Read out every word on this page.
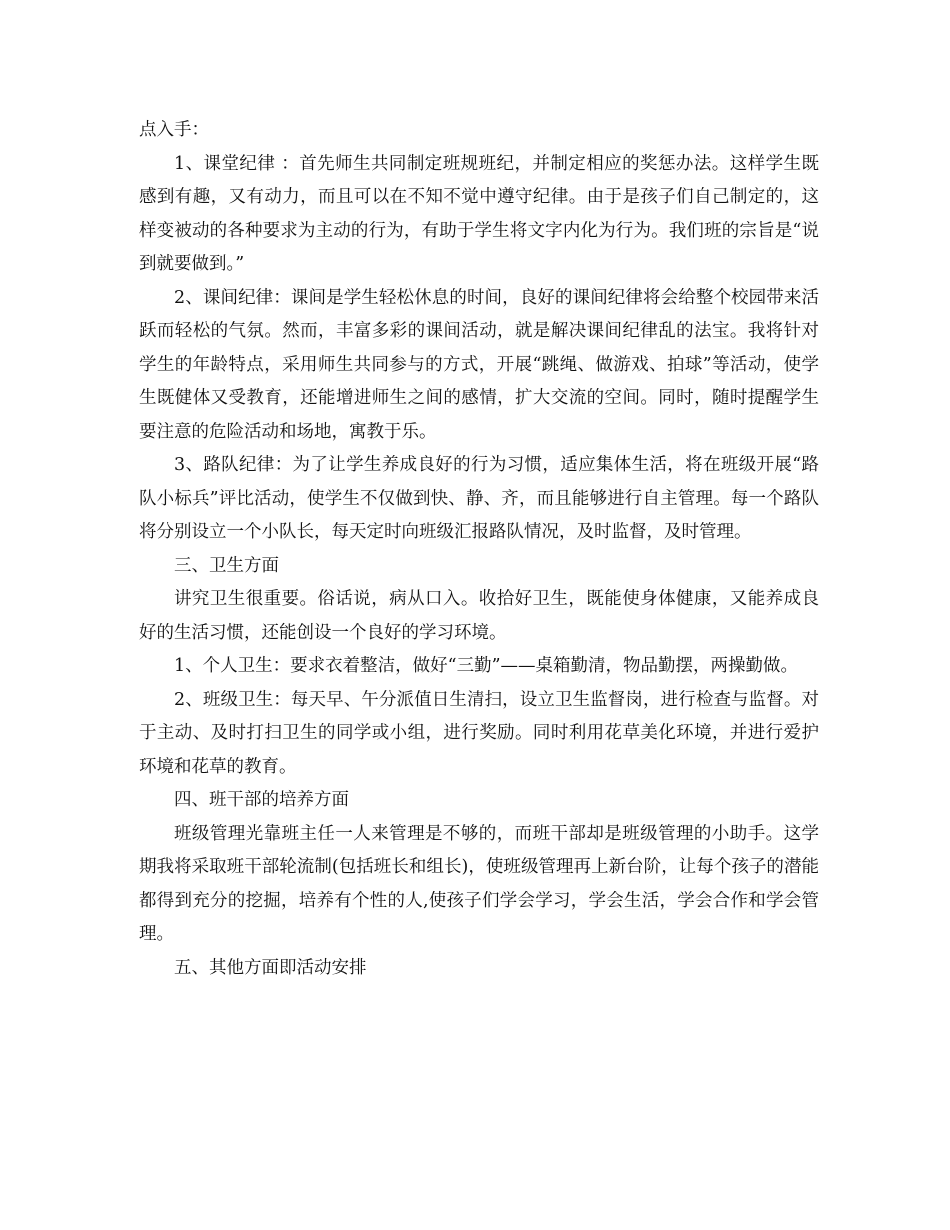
点入手：

1、课堂纪律 ：首先师生共同制定班规班纪，并制定相应的奖惩办法。这样学生既感到有趣，又有动力，而且可以在不知不觉中遵守纪律。由于是孩子们自己制定的，这样变被动的各种要求为主动的行为，有助于学生将文字内化为行为。我们班的宗旨是“说到就要做到。”

2、课间纪律：课间是学生轻松休息的时间，良好的课间纪律将会给整个校园带来活跃而轻松的气氛。然而，丰富多彩的课间活动，就是解决课间纪律乱的法宝。我将针对学生的年龄特点，采用师生共同参与的方式，开展“跳绳、做游戏、拍球”等活动，使学生既健体又受教育，还能增进师生之间的感情，扩大交流的空间。同时，随时提醒学生要注意的危险活动和场地，寓教于乐。

3、路队纪律：为了让学生养成良好的行为习惯，适应集体生活，将在班级开展“路队小标兵”评比活动，使学生不仅做到快、静、齐，而且能够进行自主管理。每一个路队将分别设立一个小队长，每天定时向班级汇报路队情况，及时监督，及时管理。

三、卫生方面

讲究卫生很重要。俗话说，病从口入。收拾好卫生，既能使身体健康，又能养成良好的生活习惯，还能创设一个良好的学习环境。

1、个人卫生：要求衣着整洁，做好“三勤”——桌箱勤清，物品勤摆，两操勤做。

2、班级卫生：每天早、午分派值日生清扫，设立卫生监督岗，进行检查与监督。对于主动、及时打扫卫生的同学或小组，进行奖励。同时利用花草美化环境，并进行爱护环境和花草的教育。

四、班干部的培养方面

班级管理光靠班主任一人来管理是不够的，而班干部却是班级管理的小助手。这学期我将采取班干部轮流制(包括班长和组长)，使班级管理再上新台阶，让每个孩子的潜能都得到充分的挖掘，培养有个性的人,使孩子们学会学习，学会生活，学会合作和学会管理。

五、其他方面即活动安排
